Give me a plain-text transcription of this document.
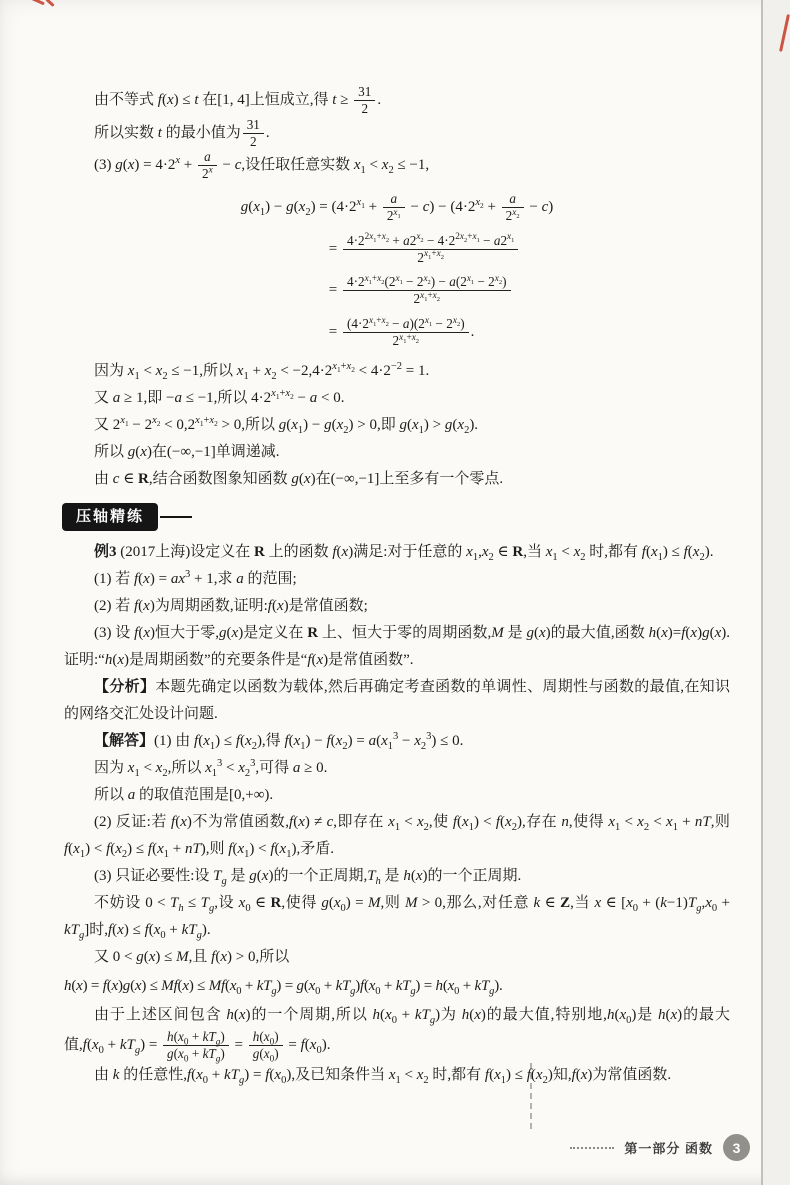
由不等式 f(x) ≤ t 在[1, 4]上恒成立,得 $t \ge \frac{31}{2}$ .
所以实数 t 的最小值为 $\frac{31}{2}$ .
(3) $g(x) = 4\cdot 2^x + \frac{a}{2^x} - c$,设任取任意实数 $x_1 < x_2 \le -1$,
$g(x_1) - g(x_2) = (4\cdot 2^{x_1} + \frac{a}{2^{x_1}} - c) - (4\cdot 2^{x_2} + \frac{a}{2^{x_2}} - c)$
= $\frac{4\cdot 2^{2x_1+x_2} + a2^{x_2} - 4\cdot 2^{2x_2+x_1} - a2^{x_1}}{2^{x_1+x_2}}$
= $\frac{4\cdot 2^{x_1+x_2}(2^{x_1} - 2^{x_2}) - a(2^{x_1} - 2^{x_2})}{2^{x_1+x_2}}$
= $\frac{(4\cdot 2^{x_1+x_2} - a)(2^{x_1} - 2^{x_2})}{2^{x_1+x_2}}$ .
因为 $x_1 < x_2 \le -1$,所以 $x_1 + x_2 < -2,4\cdot 2^{x_1+x_2} < 4\cdot 2^{-2} = 1$.
又 a ≥ 1,即 −a ≤ −1,所以 $4\cdot 2^{x_1+x_2} - a < 0$.
又 $2^{x_1} - 2^{x_2} < 0,2^{x_1+x_2} > 0$,所以 $g(x_1) - g(x_2) > 0$,即 $g(x_1) > g(x_2)$.
所以 g(x)在(−∞,−1]单调递减.
由 c ∈ R,结合函数图象知函数 g(x)在(−∞,−1]上至多有一个零点.
压轴精练
例3 (2017上海)设定义在 R 上的函数 f(x)满足:对于任意的 $x_1,x_2$ ∈ R,当 $x_1 < x_2$ 时,都有 $f(x_1) \le f(x_2)$.
(1) 若 $f(x) = ax^3 + 1$,求 a 的范围;
(2) 若 f(x)为周期函数,证明:f(x)是常值函数;
(3) 设 f(x)恒大于零,g(x)是定义在 R 上、恒大于零的周期函数,M 是 g(x)的最大值,函数 h(x)=f(x)g(x).证明:“h(x)是周期函数”的充要条件是“f(x)是常值函数”.
【分析】本题先确定以函数为载体,然后再确定考查函数的单调性、周期性与函数的最值,在知识的网络交汇处设计问题.
【解答】(1) 由 $f(x_1) \le f(x_2)$,得 $f(x_1) - f(x_2) = a(x_1^3 - x_2^3) \le 0$.
因为 $x_1 < x_2$,所以 $x_1^3 < x_2^3$,可得 a ≥ 0.
所以 a 的取值范围是[0,+∞).
(2) 反证:若 f(x)不为常值函数,f(x) ≠ c,即存在 $x_1 < x_2$,使 $f(x_1) < f(x_2)$,存在 n,使得 $x_1 < x_2 < x_1$ + nT,则 $f(x_1) < f(x_2) \le f(x_1 + nT)$,则 $f(x_1) < f(x_1)$,矛盾.
(3) 只证必要性:设 $T_g$ 是 g(x)的一个正周期$,T_h$ 是 h(x)的一个正周期.
不妨设 $0 < T_h \le T_g$,设 $x_0$ ∈ R,使得 $g(x_0) = M$,则 M > 0,那么,对任意 k ∈ Z,当 x ∈ $[x_0 + (k-1)T_g,x_0 + kT_g]$时$,f(x) \le f(x_0 + kT_g)$.
又 0 < g(x) ≤ M,且 f(x) > 0,所以
$h(x) = f(x)g(x) \le Mf(x) \le Mf(x_0 + kT_g) = g(x_0 + kT_g)f(x_0 + kT_g) = h(x_0 + kT_g)$.
由于上述区间包含 h(x)的一个周期,所以 $h(x_0 + kT_g)$为 h(x)的最大值,特别地$,h(x_0)$是 h(x)的最大值$,f(x_0 + kT_g) = \frac{h(x_0 + kT_g)}{g(x_0 + kT_g)} = \frac{h(x_0)}{g(x_0)} = f(x_0)$.
由 k 的任意性$,f(x_0 + kT_g) = f(x_0)$,及已知条件当 $x_1 < x_2$ 时,都有 $f(x_1) \le f(x_2)$知,f(x)为常值函数.
第一部分 函数	3
